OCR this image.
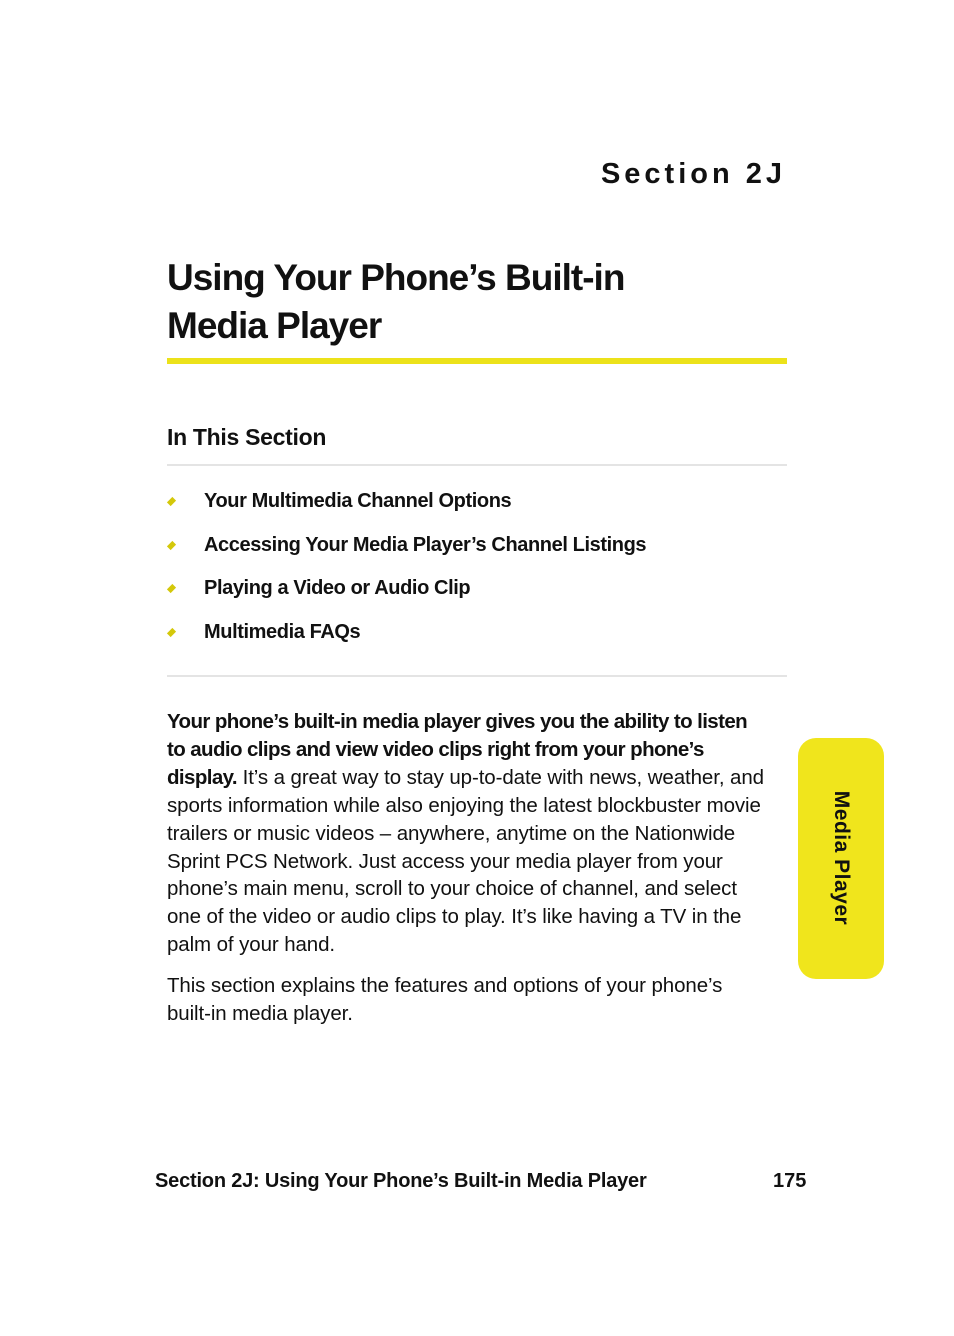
Section 2J
Using Your Phone’s Built-in
Media Player
In This Section
Your Multimedia Channel Options
Accessing Your Media Player’s Channel Listings
Playing a Video or Audio Clip
Multimedia FAQs

Your phone’s built-in media player gives you the ability to listen to audio clips and view video clips right from your phone’s display. It’s a great way to stay up-to-date with news, weather, and sports information while also enjoying the latest blockbuster movie trailers or music videos – anywhere, anytime on the Nationwide Sprint PCS Network. Just access your media player from your phone’s main menu, scroll to your choice of channel, and select one of the video or audio clips to play. It’s like having a TV in the palm of your hand.

This section explains the features and options of your phone’s built-in media player.

Media Player
Section 2J: Using Your Phone’s Built-in Media Player	175
